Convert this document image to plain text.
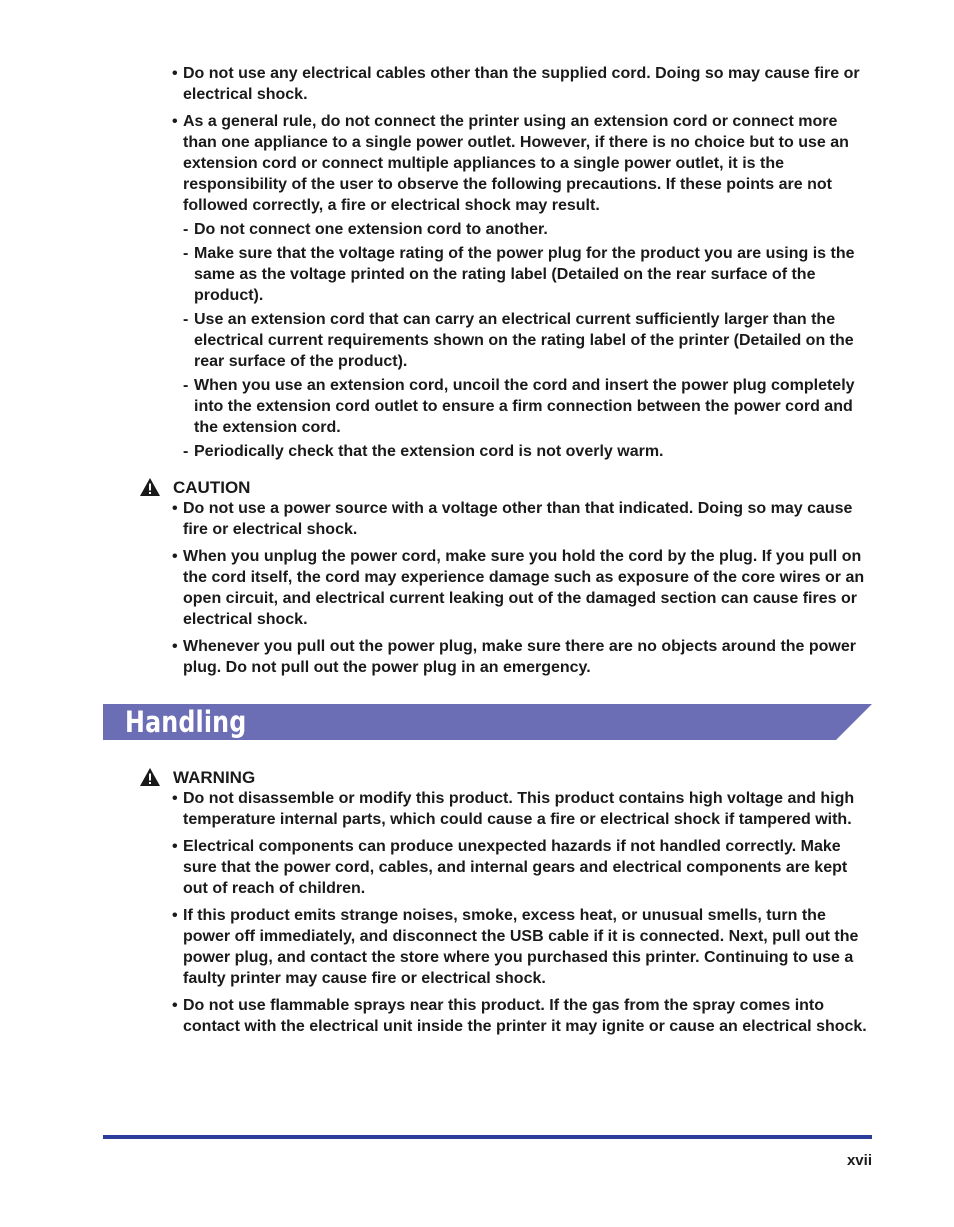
• Do not use any electrical cables other than the supplied cord. Doing so may cause fire or electrical shock.
• As a general rule, do not connect the printer using an extension cord or connect more than one appliance to a single power outlet. However, if there is no choice but to use an extension cord or connect multiple appliances to a single power outlet, it is the responsibility of the user to observe the following precautions. If these points are not followed correctly, a fire or electrical shock may result.
- Do not connect one extension cord to another.
- Make sure that the voltage rating of the power plug for the product you are using is the same as the voltage printed on the rating label (Detailed on the rear surface of the product).
- Use an extension cord that can carry an electrical current sufficiently larger than the electrical current requirements shown on the rating label of the printer (Detailed on the rear surface of the product).
- When you use an extension cord, uncoil the cord and insert the power plug completely into the extension cord outlet to ensure a firm connection between the power cord and the extension cord.
- Periodically check that the extension cord is not overly warm.
CAUTION
• Do not use a power source with a voltage other than that indicated. Doing so may cause fire or electrical shock.
• When you unplug the power cord, make sure you hold the cord by the plug. If you pull on the cord itself, the cord may experience damage such as exposure of the core wires or an open circuit, and electrical current leaking out of the damaged section can cause fires or electrical shock.
• Whenever you pull out the power plug, make sure there are no objects around the power plug. Do not pull out the power plug in an emergency.
Handling
WARNING
• Do not disassemble or modify this product. This product contains high voltage and high temperature internal parts, which could cause a fire or electrical shock if tampered with.
• Electrical components can produce unexpected hazards if not handled correctly. Make sure that the power cord, cables, and internal gears and electrical components are kept out of reach of children.
• If this product emits strange noises, smoke, excess heat, or unusual smells, turn the power off immediately, and disconnect the USB cable if it is connected. Next, pull out the power plug, and contact the store where you purchased this printer. Continuing to use a faulty printer may cause fire or electrical shock.
• Do not use flammable sprays near this product. If the gas from the spray comes into contact with the electrical unit inside the printer it may ignite or cause an electrical shock.
xvii
